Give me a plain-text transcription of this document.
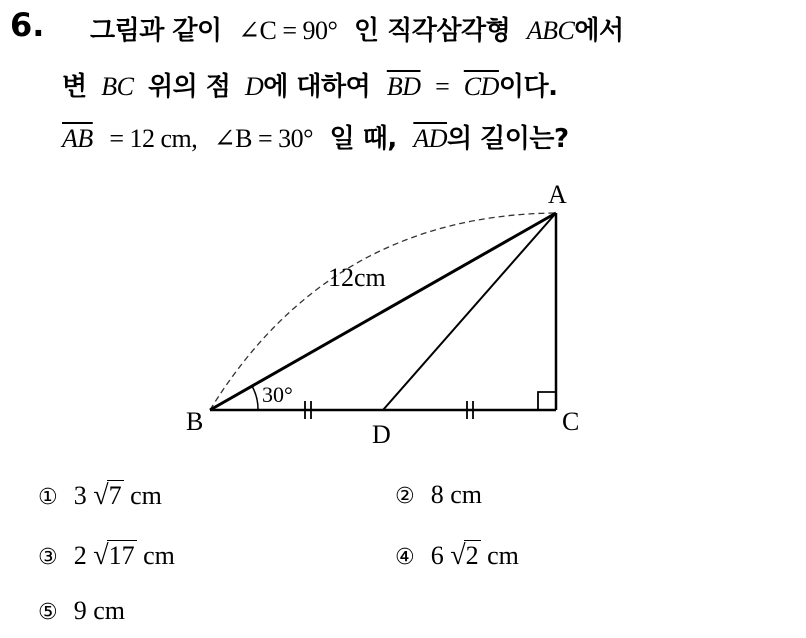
6. 그림과 같이 ∠C = 90° 인 직각삼각형 ABC에서
변 BC 위의 점 D에 대하여 $\overline{BD} = \overline{CD}$이다.
$\overline{AB} = 12$ cm, ∠B = 30° 일 때, $\overline{AD}$의 길이는?
A
B	C
D
12cm
30°
① 3 √7 cm	② 8 cm
③ 2 √17 cm	④ 6 √2 cm
⑤ 9 cm
